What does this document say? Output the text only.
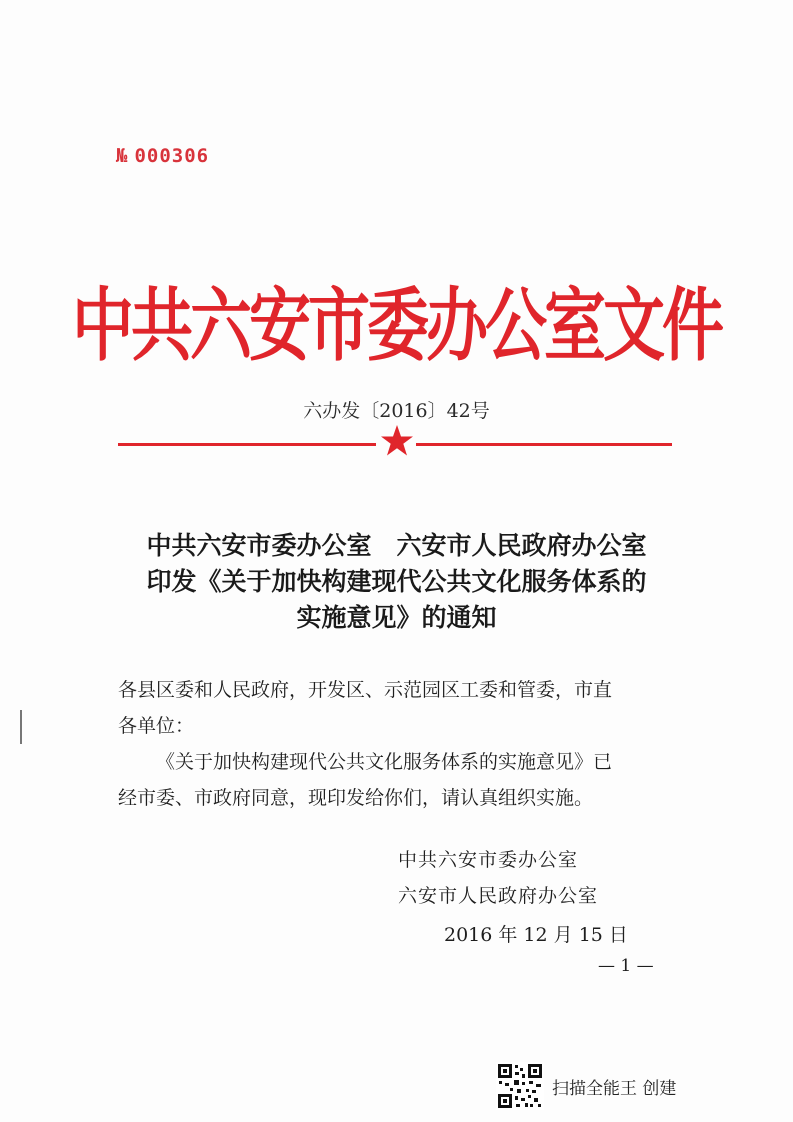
№ 000306
中共六安市委办公室文件
六办发〔2016〕42号
中共六安市委办公室　六安市人民政府办公室
印发《关于加快构建现代公共文化服务体系的
实施意见》的通知

各县区委和人民政府，开发区、示范园区工委和管委，市直

各单位：

《关于加快构建现代公共文化服务体系的实施意见》已

经市委、市政府同意，现印发给你们，请认真组织实施。

中共六安市委办公室
六安市人民政府办公室
2016 年 12 月 15 日
— 1 —
扫描全能王 创建
